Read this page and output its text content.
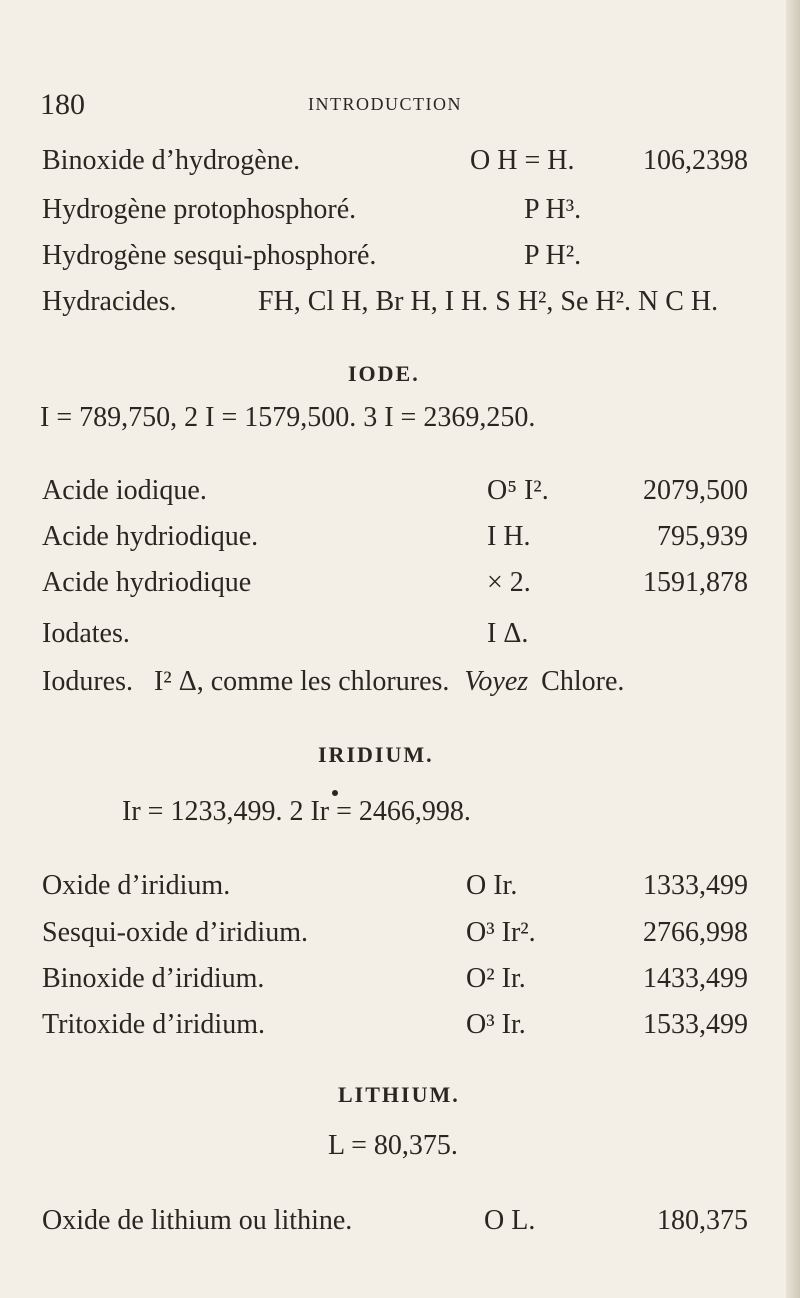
180	INTRODUCTION
Binoxide d’hydrogène.	O H = H. 106,2398
Hydrogène protophosphoré.	P H³.
Hydrogène sesqui-phosphoré.	P H².
Hydracides.	FH, Cl H, Br H, I H. S H², Se H². N C H.
IODE.
I = 789,750, 2 I = 1579,500. 3 I = 2369,250.
Acide iodique.	O⁵ I².	2079,500
Acide hydriodique.	I H.	795,939
Acide hydriodique	× 2.	1591,878
Iodates.	I Δ.
Iodures. I² Δ, comme les chlorures. Voyez Chlore.
IRIDIUM.
Ir = 1233,499. 2 Ir = 2466,998.
Oxide d’iridium.	O Ir.	1333,499
Sesqui-oxide d’iridium.	O³ Ir².	2766,998
Binoxide d’iridium.	O² Ir.	1433,499
Tritoxide d’iridium.	O³ Ir.	1533,499
LITHIUM.
L = 80,375.
Oxide de lithium ou lithine.	O L.	180,375
